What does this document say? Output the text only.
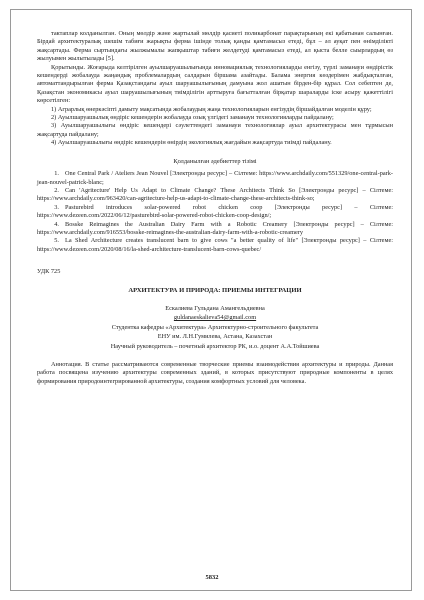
тактаплар колданылган. Оның мөлдір және жартылай мөлдір қасиеті поликарбонат парақтарының екі қабатынан салынған. Бірдай архитектуралық шешім табиғи жарықты ферма ішінде толық қанды қамтамасыз етеді, бұл – әл ауқат пен өнімділікті жақсартады. Ферма сыртындағы жылжымалы жапқыштар табиғи желдетуді қамтамасыз етеді, ал қыста белле сыырлардың өз жылуымен жылытылады [5].

Қорытынды. Жоғарыда келтірілген ауылшаруашылығында инновациялық технологияларды енгізу, түрлі заманауи өндірістік кешендерді жобалауда жаңандық проблемалардың салдарын біршама азайтады. Балама энергия көздерімен жабдықталған, автоматтандырылған ферма Қазақстандағы ауыл шаруашылығының дамуына жол ашатын бірден-бір құрал. Сол себептен де, Қазақстан экономикасы ауыл шаруашылығының тиімділігін арттыруға бағытталған бірқатар шараларды іске асыру қажеттілігі көрсетілген:

1) Аграрлық өнеркәсіпті дамыту мақсатында жобалаудың жаңа технологияларын енгізудің біршайдалған моделін құру;

2) Ауылшаруашылық өндіріс кешендерін жобалауда озық үлгідегі заманауи технологияларды пайдалану;

3) Ауылшаруашылығы өндіріс кешендері сәулеттендегі заманауи технологиялар ауыл архитектурасы мен тұрмысын жақсартуда пайдалану;

4) Ауылшаруашылығы өндіріс кешендерін өнірдің экологиялық жағдайын жақсартуда тиімді пайдалану.

Қолданылған әдебиеттер тізімі

1. One Central Park / Ateliers Jean Nouvel [Электронды ресурс] – Сілтеме: https://www.archdaily.com/551329/one-central-park-jean-nouvel-patrick-blanc;

2. Can 'Agritecture' Help Us Adapt to Climate Change? These Architects Think So [Электронды ресурс] – Сілтеме: https://www.archdaily.com/963420/can-agritecture-help-us-adapt-to-climate-change-these-architects-think-so;

3. Pasturebird introduces solar-powered robot chicken coop [Электронды ресурс] – Сілтеме: https://www.dezeen.com/2022/06/12/pasturebird-solar-powered-robot-chicken-coop-design/;

4. Bosske Reimagines the Australian Dairy Farm with a Robotic Creamery [Электронды ресурс] – Сілтеме: https://www.archdaily.com/916553/bosske-reimagines-the-australian-dairy-farm-with-a-robotic-creamery

5. La Shed Architecture creates translucent barn to give cows "a better quality of life" [Электронды ресурс] – Сілтеме: https://www.dezeen.com/2020/08/16/la-shed-architecture-translucent-barn-cows-quebec/

УДК 725

АРХИТЕКТУРА И ПРИРОДА: ПРИЕМЫ ИНТЕГРАЦИИ

Ескалиева Гульдана Амангельдиевна

guldanaeskalieva54@gmail.com

Студентка кафедры «Архитектура» Архитектурно-строительного факультета

ЕНУ им. Л.Н.Гумилева, Астана, Казахстан

Научный руководитель – почетный архитектор РК, и.о. доцент А.А.Тойшиева

Аннотация. В статье рассматриваются современные творческие приемы взаимодействия архитектуры и природы. Данная работа посвящена изучению архитектуры современных зданий, в которых присутствуют природные компоненты в целях формирования природоинтегрированной архитектуры, создания комфортных условий для человека.

5832
